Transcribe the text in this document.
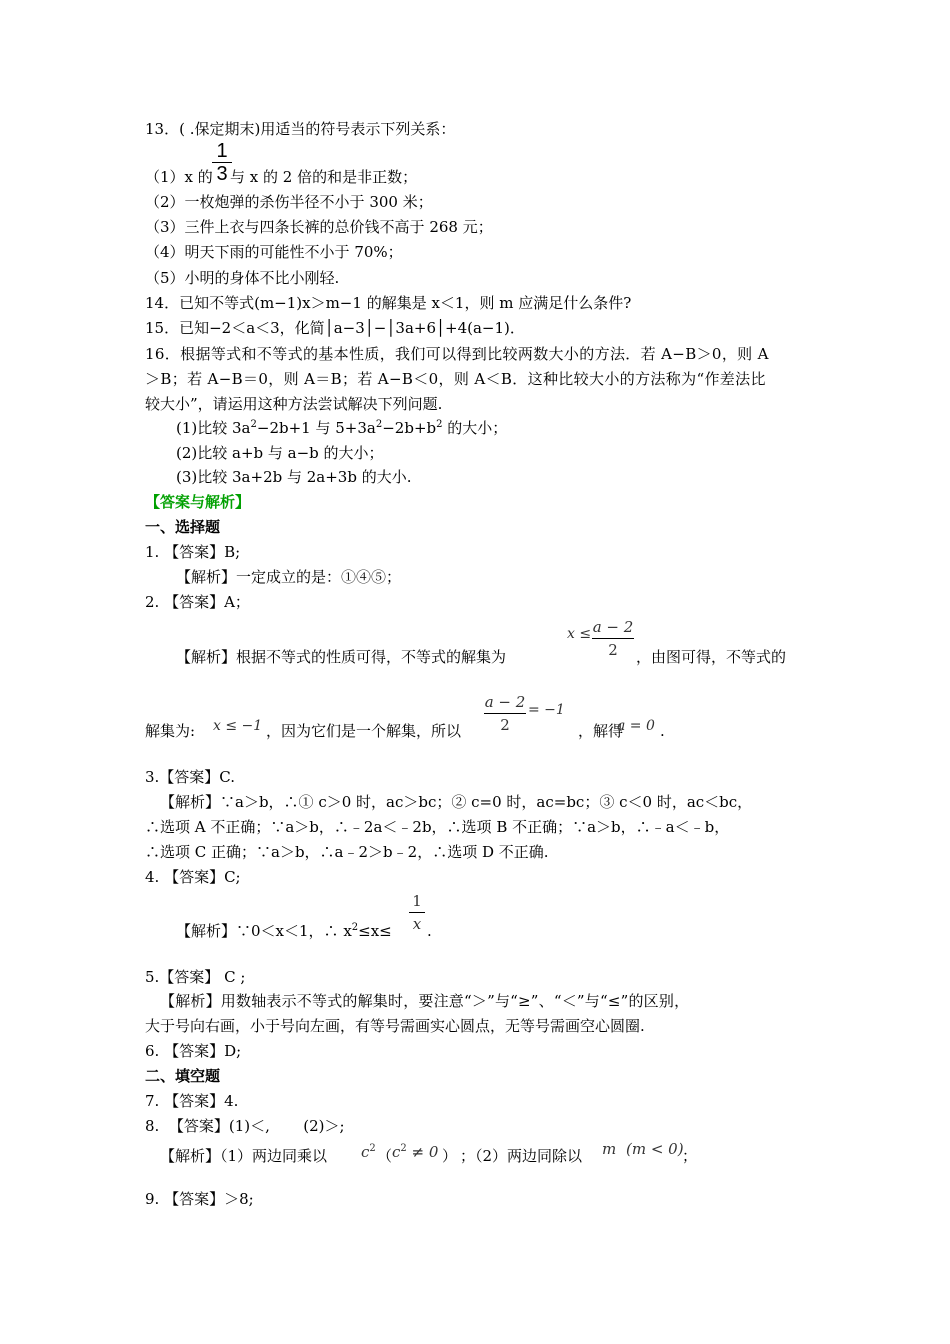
13．( .保定期末)用适当的符号表示下列关系：
（1）x 的 $\frac{1}{3}$
与 x 的 2 倍的和是非正数；
（2）一枚炮弹的杀伤半径不小于 300 米；
（3）三件上衣与四条长裤的总价钱不高于 268 元；
（4）明天下雨的可能性不小于 70%；
（5）小明的身体不比小刚轻.
14．已知不等式(m−1)x＞m−1 的解集是 x＜1，则 m 应满足什么条件?
15．已知−2＜a＜3，化简│a−3│−│3a+6│+4(a−1)．
16．根据等式和不等式的基本性质，我们可以得到比较两数大小的方法．若 A−B＞0，则 A
＞B；若 A−B＝0，则 A＝B；若 A−B＜0，则 A＜B．这种比较大小的方法称为“作差法比
较大小”，请运用这种方法尝试解决下列问题.
(1)比较 $3a^2-2b+1$ 与 $5+3a^2-2b+b^2$ 的大小；
(2)比较 a+b 与 a−b 的大小；
(3)比较 3a+2b 与 2a+3b 的大小.
【答案与解析】
一、选择题
1. 【答案】B;
【解析】一定成立的是：①④⑤；
2. 【答案】A；
【解析】根据不等式的性质可得，不等式的解集为
$x \le \frac{a - 2}{2}$ ，由图可得，不等式的
解集为: x ≤ −1 ，因为它们是一个解集，所以 $\frac{a - 2}{2} = -1$
，解得
a = 0 .
3.【答案】C.
【解析】∵a＞b，∴① c＞0 时，ac＞bc；② c=0 时，ac=bc；③ c＜0 时，ac＜bc，
∴选项 A 不正确；∵a＞b，∴﹣2a＜﹣2b，∴选项 B 不正确；∵a＞b，∴﹣a＜﹣b，
∴选项 C 正确；∵a＞b，∴a﹣2＞b﹣2，∴选项 D 不正确.
4. 【答案】C;
【解析】∵0＜x＜1，∴ $x^2\le x\le \frac{1}{x}$ .
5.【答案】 C ;
【解析】用数轴表示不等式的解集时，要注意“＞”与“≥”、“＜”与“≤”的区别，
大于号向右画，小于号向左画，有等号需画实心圆点，无等号需画空心圆圈.
6. 【答案】D;
二、填空题
7. 【答案】4.
8.  【答案】(1)＜,       (2)＞;
【解析】（1）两边同乘以 $c^2$ （ $c^2 \ne 0$ ） ；（2）两边同除以 m (m < 0)
；
9. 【答案】＞8;
